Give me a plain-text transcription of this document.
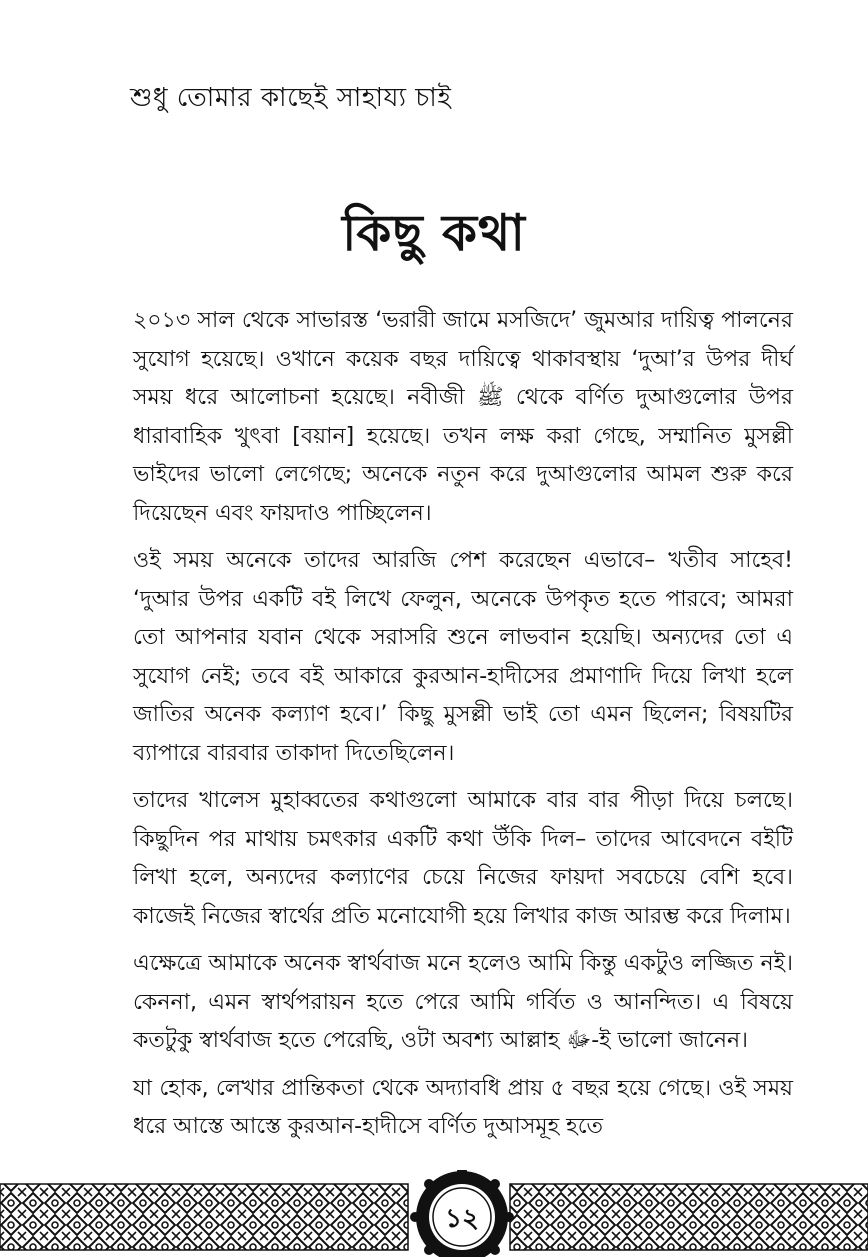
শুধু তোমার কাছেই সাহায্য চাই
কিছু কথা

২০১৩ সাল থেকে সাভারস্ত ‘ভরারী জামে মসজিদে’ জুমআর দায়িত্ব পালনের সুযোগ হয়েছে। ওখানে কয়েক বছর দায়িত্বে থাকাবস্থায় ‘দুআ’র উপর দীর্ঘ সময় ধরে আলোচনা হয়েছে। নবীজী ﷺ থেকে বর্ণিত দুআগুলোর উপর ধারাবাহিক খুৎবা [বয়ান] হয়েছে। তখন লক্ষ করা গেছে, সম্মানিত মুসল্লী ভাইদের ভালো লেগেছে; অনেকে নতুন করে দুআগুলোর আমল শুরু করে দিয়েছেন এবং ফায়দাও পাচ্ছিলেন।

ওই সময় অনেকে তাদের আরজি পেশ করেছেন এভাবে– খতীব সাহেব! ‘দুআর উপর একটি বই লিখে ফেলুন, অনেকে উপকৃত হতে পারবে; আমরা তো আপনার যবান থেকে সরাসরি শুনে লাভবান হয়েছি। অন্যদের তো এ সুযোগ নেই; তবে বই আকারে কুরআন-হাদীসের প্রমাণাদি দিয়ে লিখা হলে জাতির অনেক কল্যাণ হবে।’ কিছু মুসল্লী ভাই তো এমন ছিলেন; বিষয়টির ব্যাপারে বারবার তাকাদা দিতেছিলেন।

তাদের খালেস মুহাব্বতের কথাগুলো আমাকে বার বার পীড়া দিয়ে চলছে। কিছুদিন পর মাথায় চমৎকার একটি কথা উঁকি দিল– তাদের আবেদনে বইটি লিখা হলে, অন্যদের কল্যাণের চেয়ে নিজের ফায়দা সবচেয়ে বেশি হবে। কাজেই নিজের স্বার্থের প্রতি মনোযোগী হয়ে লিখার কাজ আরম্ভ করে দিলাম।

এক্ষেত্রে আমাকে অনেক স্বার্থবাজ মনে হলেও আমি কিন্তু একটুও লজ্জিত নই। কেননা, এমন স্বার্থপরায়ন হতে পেরে আমি গর্বিত ও আনন্দিত। এ বিষয়ে কতটুকু স্বার্থবাজ হতে পেরেছি, ওটা অবশ্য আল্লাহ ﷻ-ই ভালো জানেন।

যা হোক, লেখার প্রান্তিকতা থেকে অদ্যাবধি প্রায় ৫ বছর হয়ে গেছে। ওই সময় ধরে আস্তে আস্তে কুরআন-হাদীসে বর্ণিত দুআসমূহ হতে

১২
